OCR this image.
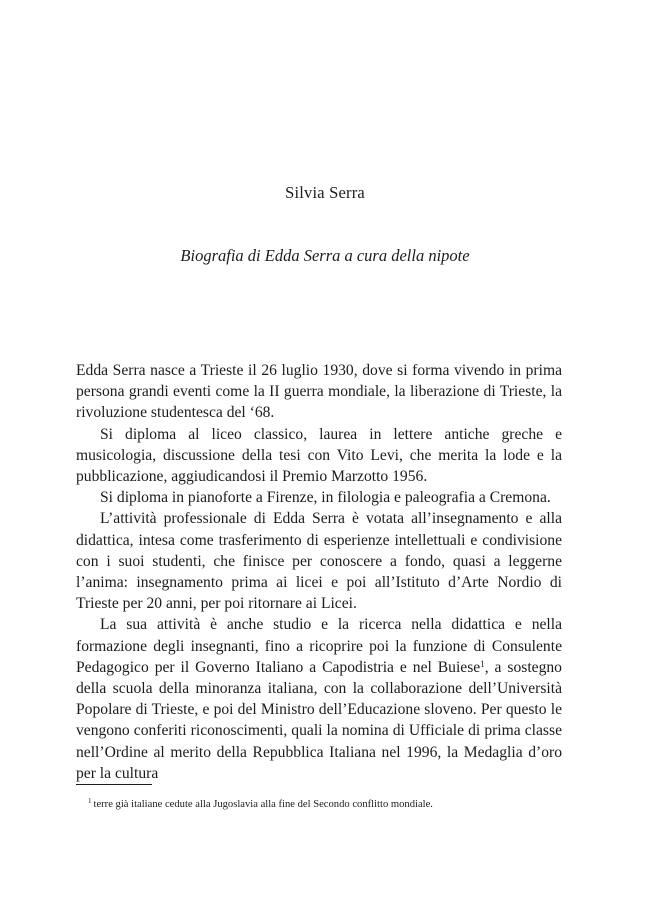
Silvia Serra
Biografia di Edda Serra a cura della nipote

Edda Serra nasce a Trieste il 26 luglio 1930, dove si forma vivendo in prima persona grandi eventi come la II guerra mondiale, la liberazione di Trieste, la rivoluzione studentesca del ‘68.

Si diploma al liceo classico, laurea in lettere antiche greche e musicologia, discussione della tesi con Vito Levi, che merita la lode e la pubblicazione, aggiudicandosi il Premio Marzotto 1956.

Si diploma in pianoforte a Firenze, in filologia e paleografia a Cremona.

L’attività professionale di Edda Serra è votata all’insegnamento e alla didattica, intesa come trasferimento di esperienze intellettuali e condivisione con i suoi studenti, che finisce per conoscere a fondo, quasi a leggerne l’anima: insegnamento prima ai licei e poi all’Istituto d’Arte Nordio di Trieste per 20 anni, per poi ritornare ai Licei.

La sua attività è anche studio e la ricerca nella didattica e nella formazione degli insegnanti, fino a ricoprire poi la funzione di Consulente Pedagogico per il Governo Italiano a Capodistria e nel Buiese$^1$, a sostegno della scuola della minoranza italiana, con la collaborazione dell’Università Popolare di Trieste, e poi del Ministro dell’Educazione sloveno. Per questo le vengono conferiti riconoscimenti, quali la nomina di Ufficiale di prima classe nell’Ordine al merito della Repubblica Italiana nel 1996, la Medaglia d’oro per la cultura

$^1$ terre già italiane cedute alla Jugoslavia alla fine del Secondo conflitto mondiale.
